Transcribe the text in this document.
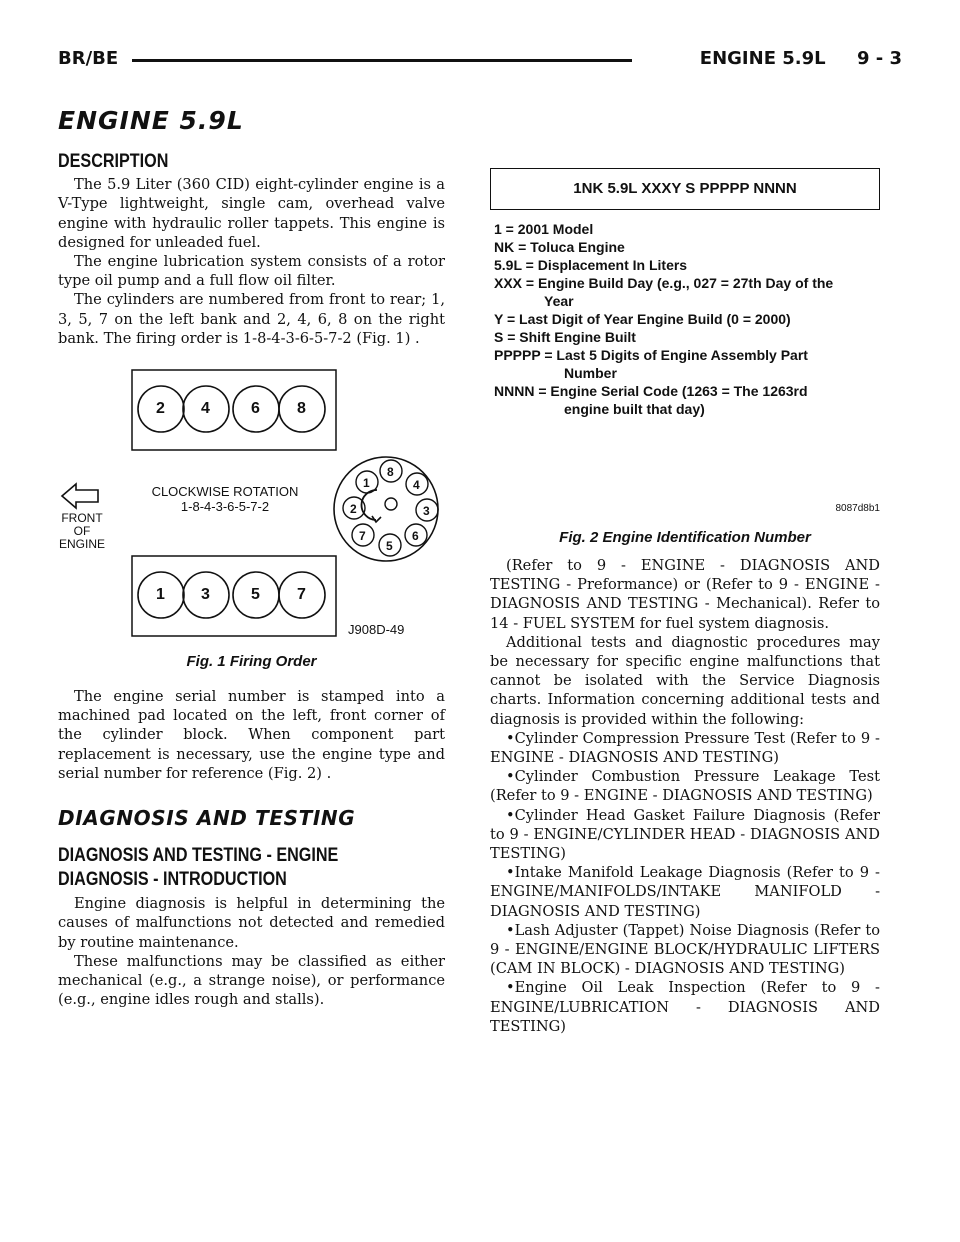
BR/BE	ENGINE 5.9L     9 - 3
ENGINE 5.9L
DESCRIPTION

The 5.9 Liter (360 CID) eight-cylinder engine is a V-Type lightweight, single cam, overhead valve engine with hydraulic roller tappets. This engine is designed for unleaded fuel.

The engine lubrication system consists of a rotor type oil pump and a full flow oil filter.

The cylinders are numbered from front to rear; 1, 3, 5, 7 on the left bank and 2, 4, 6, 8 on the right bank. The firing order is 1-8-4-3-6-5-7-2 (Fig. 1) .

2 4	6 8
1 3	5 7
8
4
3
6
5
7
2
1
CLOCKWISE ROTATION
1-8-4-3-6-5-7-2
FRONT
OF
ENGINE
J908D-49
Fig. 1 Firing Order

The engine serial number is stamped into a machined pad located on the left, front corner of the cylinder block. When component part replacement is necessary, use the engine type and serial number for reference (Fig. 2) .

DIAGNOSIS AND TESTING
DIAGNOSIS AND TESTING - ENGINE
DIAGNOSIS - INTRODUCTION

Engine diagnosis is helpful in determining the causes of malfunctions not detected and remedied by routine maintenance.

These malfunctions may be classified as either mechanical (e.g., a strange noise), or performance (e.g., engine idles rough and stalls).

1NK 5.9L XXXY S PPPPP NNNN
1 = 2001 Model
NK = Toluca Engine
5.9L = Displacement In Liters
XXX = Engine Build Day (e.g., 027 = 27th Day of the
Year
Y = Last Digit of Year Engine Build (0 = 2000)
S = Shift Engine Built
PPPPP = Last 5 Digits of Engine Assembly Part
Number
NNNN = Engine Serial Code (1263 = The 1263rd
engine built that day)
8087d8b1
Fig. 2 Engine Identification Number

(Refer to 9 - ENGINE - DIAGNOSIS AND TESTING - Preformance) or (Refer to 9 - ENGINE - DIAGNOSIS AND TESTING - Mechanical). Refer to 14 - FUEL SYSTEM for fuel system diagnosis.

Additional tests and diagnostic procedures may be necessary for specific engine malfunctions that cannot be isolated with the Service Diagnosis charts. Information concerning additional tests and diagnosis is provided within the following:

•Cylinder Compression Pressure Test (Refer to 9 - ENGINE - DIAGNOSIS AND TESTING)

•Cylinder Combustion Pressure Leakage Test (Refer to 9 - ENGINE - DIAGNOSIS AND TESTING)

•Cylinder Head Gasket Failure Diagnosis (Refer to 9 - ENGINE/CYLINDER HEAD - DIAGNOSIS AND TESTING)

•Intake Manifold Leakage Diagnosis (Refer to 9 - ENGINE/MANIFOLDS/INTAKE MANIFOLD - DIAGNOSIS AND TESTING)

•Lash Adjuster (Tappet) Noise Diagnosis (Refer to 9 - ENGINE/ENGINE BLOCK/HYDRAULIC LIFTERS (CAM IN BLOCK) - DIAGNOSIS AND TESTING)

•Engine Oil Leak Inspection (Refer to 9 - ENGINE/LUBRICATION - DIAGNOSIS AND TESTING)
